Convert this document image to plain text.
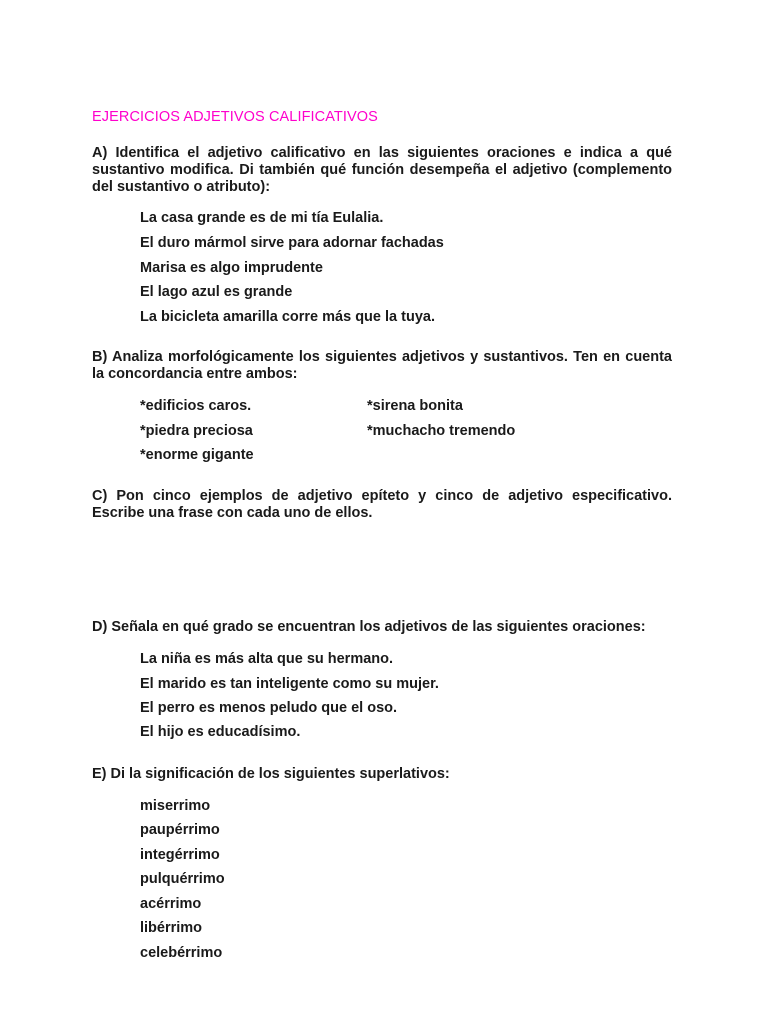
EJERCICIOS ADJETIVOS CALIFICATIVOS
A) Identifica el adjetivo calificativo en las siguientes oraciones e indica a qué sustantivo modifica. Di también qué función desempeña el adjetivo (complemento del sustantivo o atributo):
La casa grande es de mi tía Eulalia.
El duro mármol sirve para adornar fachadas
Marisa es algo imprudente
El lago azul es grande
La bicicleta amarilla corre más que la tuya.
B) Analiza morfológicamente los siguientes adjetivos y sustantivos. Ten en cuenta la concordancia entre ambos:
*edificios caros.	*sirena bonita
*piedra preciosa	*muchacho tremendo
*enorme gigante
C) Pon cinco ejemplos de adjetivo epíteto y cinco de adjetivo especificativo. Escribe una frase con cada uno de ellos.
D) Señala en qué grado se encuentran los adjetivos de las siguientes oraciones:
La niña es más alta que su hermano.
El marido es tan inteligente como su mujer.
El perro es menos peludo que el oso.
El hijo es educadísimo.
E) Di la significación de los siguientes superlativos:
miserrimo
paupérrimo
integérrimo
pulquérrimo
acérrimo
libérrimo
celebérrimo
